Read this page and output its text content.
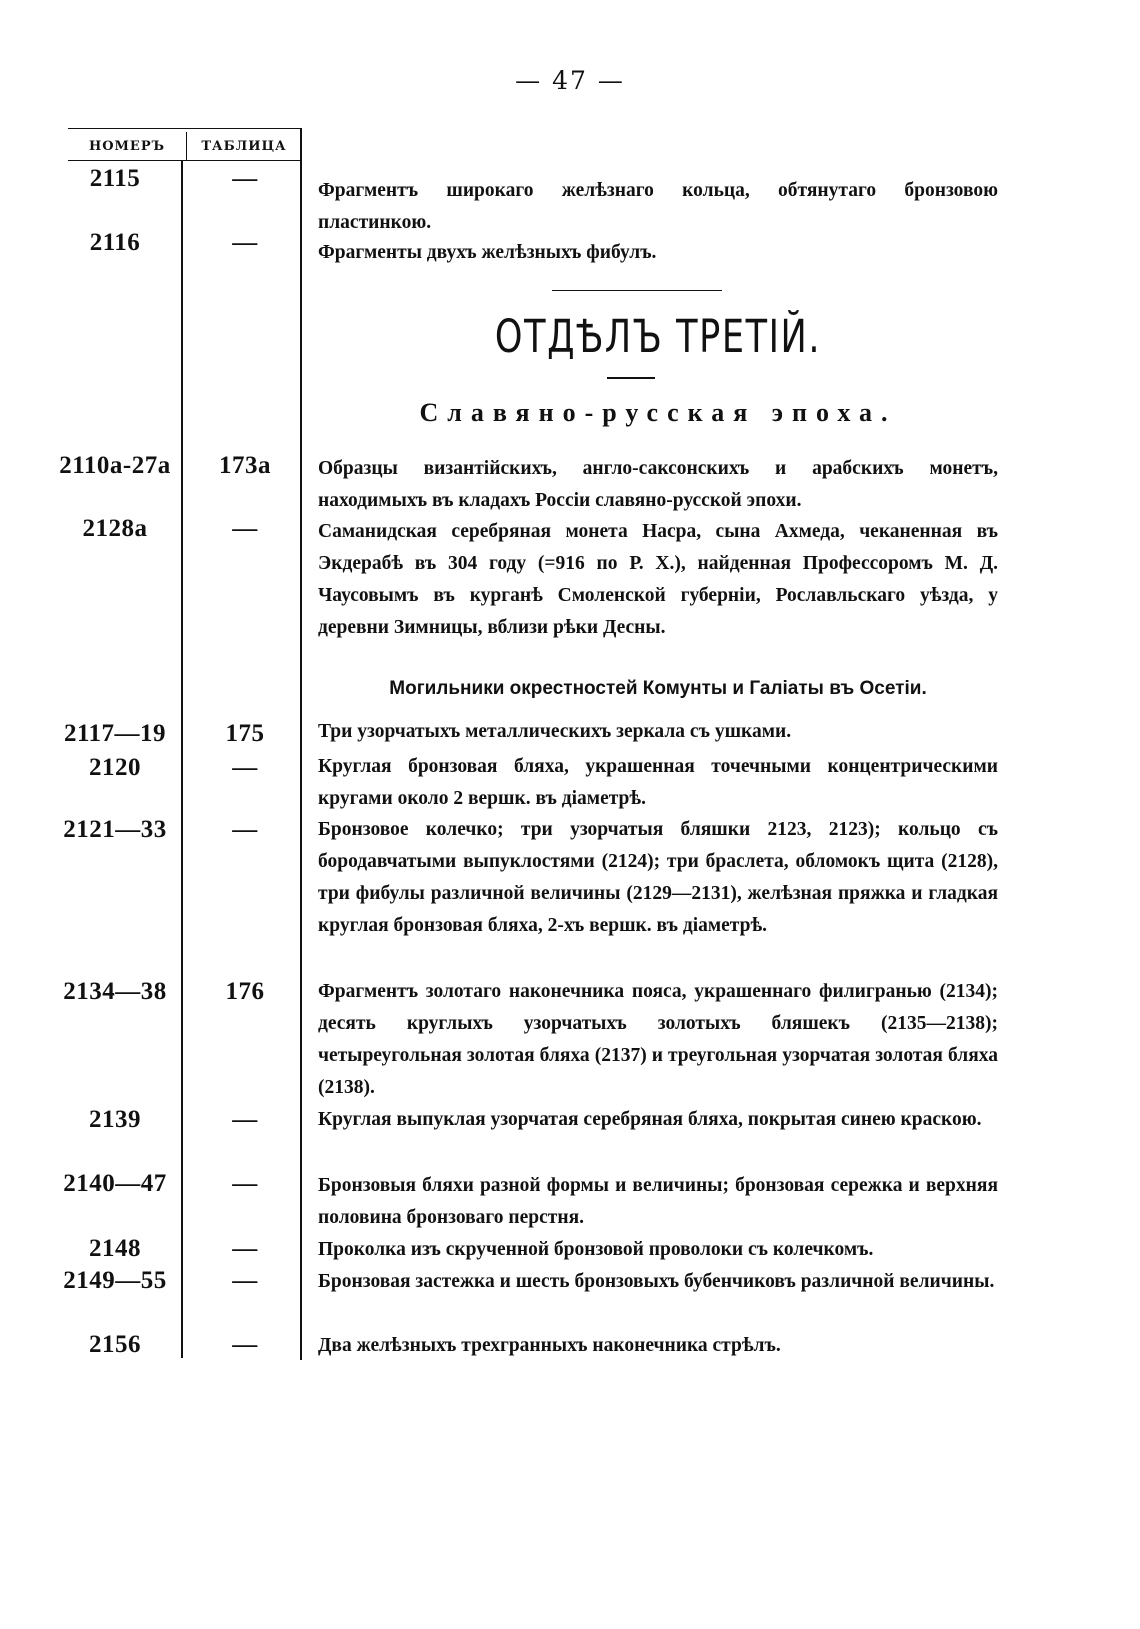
— 47 —
НОМЕРЪ	ТАБЛИЦА
2115	—	Фрагментъ широкаго желѣзнаго кольца, обтянутаго бронзовою пластинкою.

2116	—	Фрагменты двухъ желѣзныхъ фибулъ.

ОТДѢЛЪ ТРЕТІЙ.
Славяно-русская эпоха.
2110a-27a	173a	Образцы византійскихъ, англо-саксонскихъ и арабскихъ монетъ, находимыхъ въ кладахъ Россіи славяно-русской эпохи.

2128a	—	Саманидская серебряная монета Насра, сына Ахмеда, чеканенная въ Экдерабѣ въ 304 году (=916 по Р. Х.), найденная Профессоромъ М. Д. Чаусовымъ въ курганѣ Смоленской губерніи, Рославльскаго уѣзда, у деревни Зимницы, вблизи рѣки Десны.

Могильники окрестностей Комунты и Галіаты въ Осетіи.
2117—19	175	Три узорчатыхъ металлическихъ зеркала съ ушками.

2120	—	Круглая бронзовая бляха, украшенная точечными концентрическими кругами около 2 вершк. въ діаметрѣ.

2121—33	—	Бронзовое колечко; три узорчатыя бляшки 2123, 2123); кольцо съ бородавчатыми выпуклостями (2124); три браслета, обломокъ щита (2128), три фибулы различной величины (2129—2131), желѣзная пряжка и гладкая круглая бронзовая бляха, 2-хъ вершк. въ діаметрѣ.

2134—38	176	Фрагментъ золотаго наконечника пояса, украшеннаго филигранью (2134); десять круглыхъ узорчатыхъ золотыхъ бляшекъ (2135—2138); четыреугольная золотая бляха (2137) и треугольная узорчатая золотая бляха (2138).

2139	—	Круглая выпуклая узорчатая серебряная бляха, покрытая синею краскою.

2140—47	—	Бронзовыя бляхи разной формы и величины; бронзовая сережка и верхняя половина бронзоваго перстня.

2148	—	Проколка изъ скрученной бронзовой проволоки съ колечкомъ.

2149—55	—	Бронзовая застежка и шесть бронзовыхъ бубенчиковъ различной величины.

2156	—	Два желѣзныхъ трехгранныхъ наконечника стрѣлъ.
